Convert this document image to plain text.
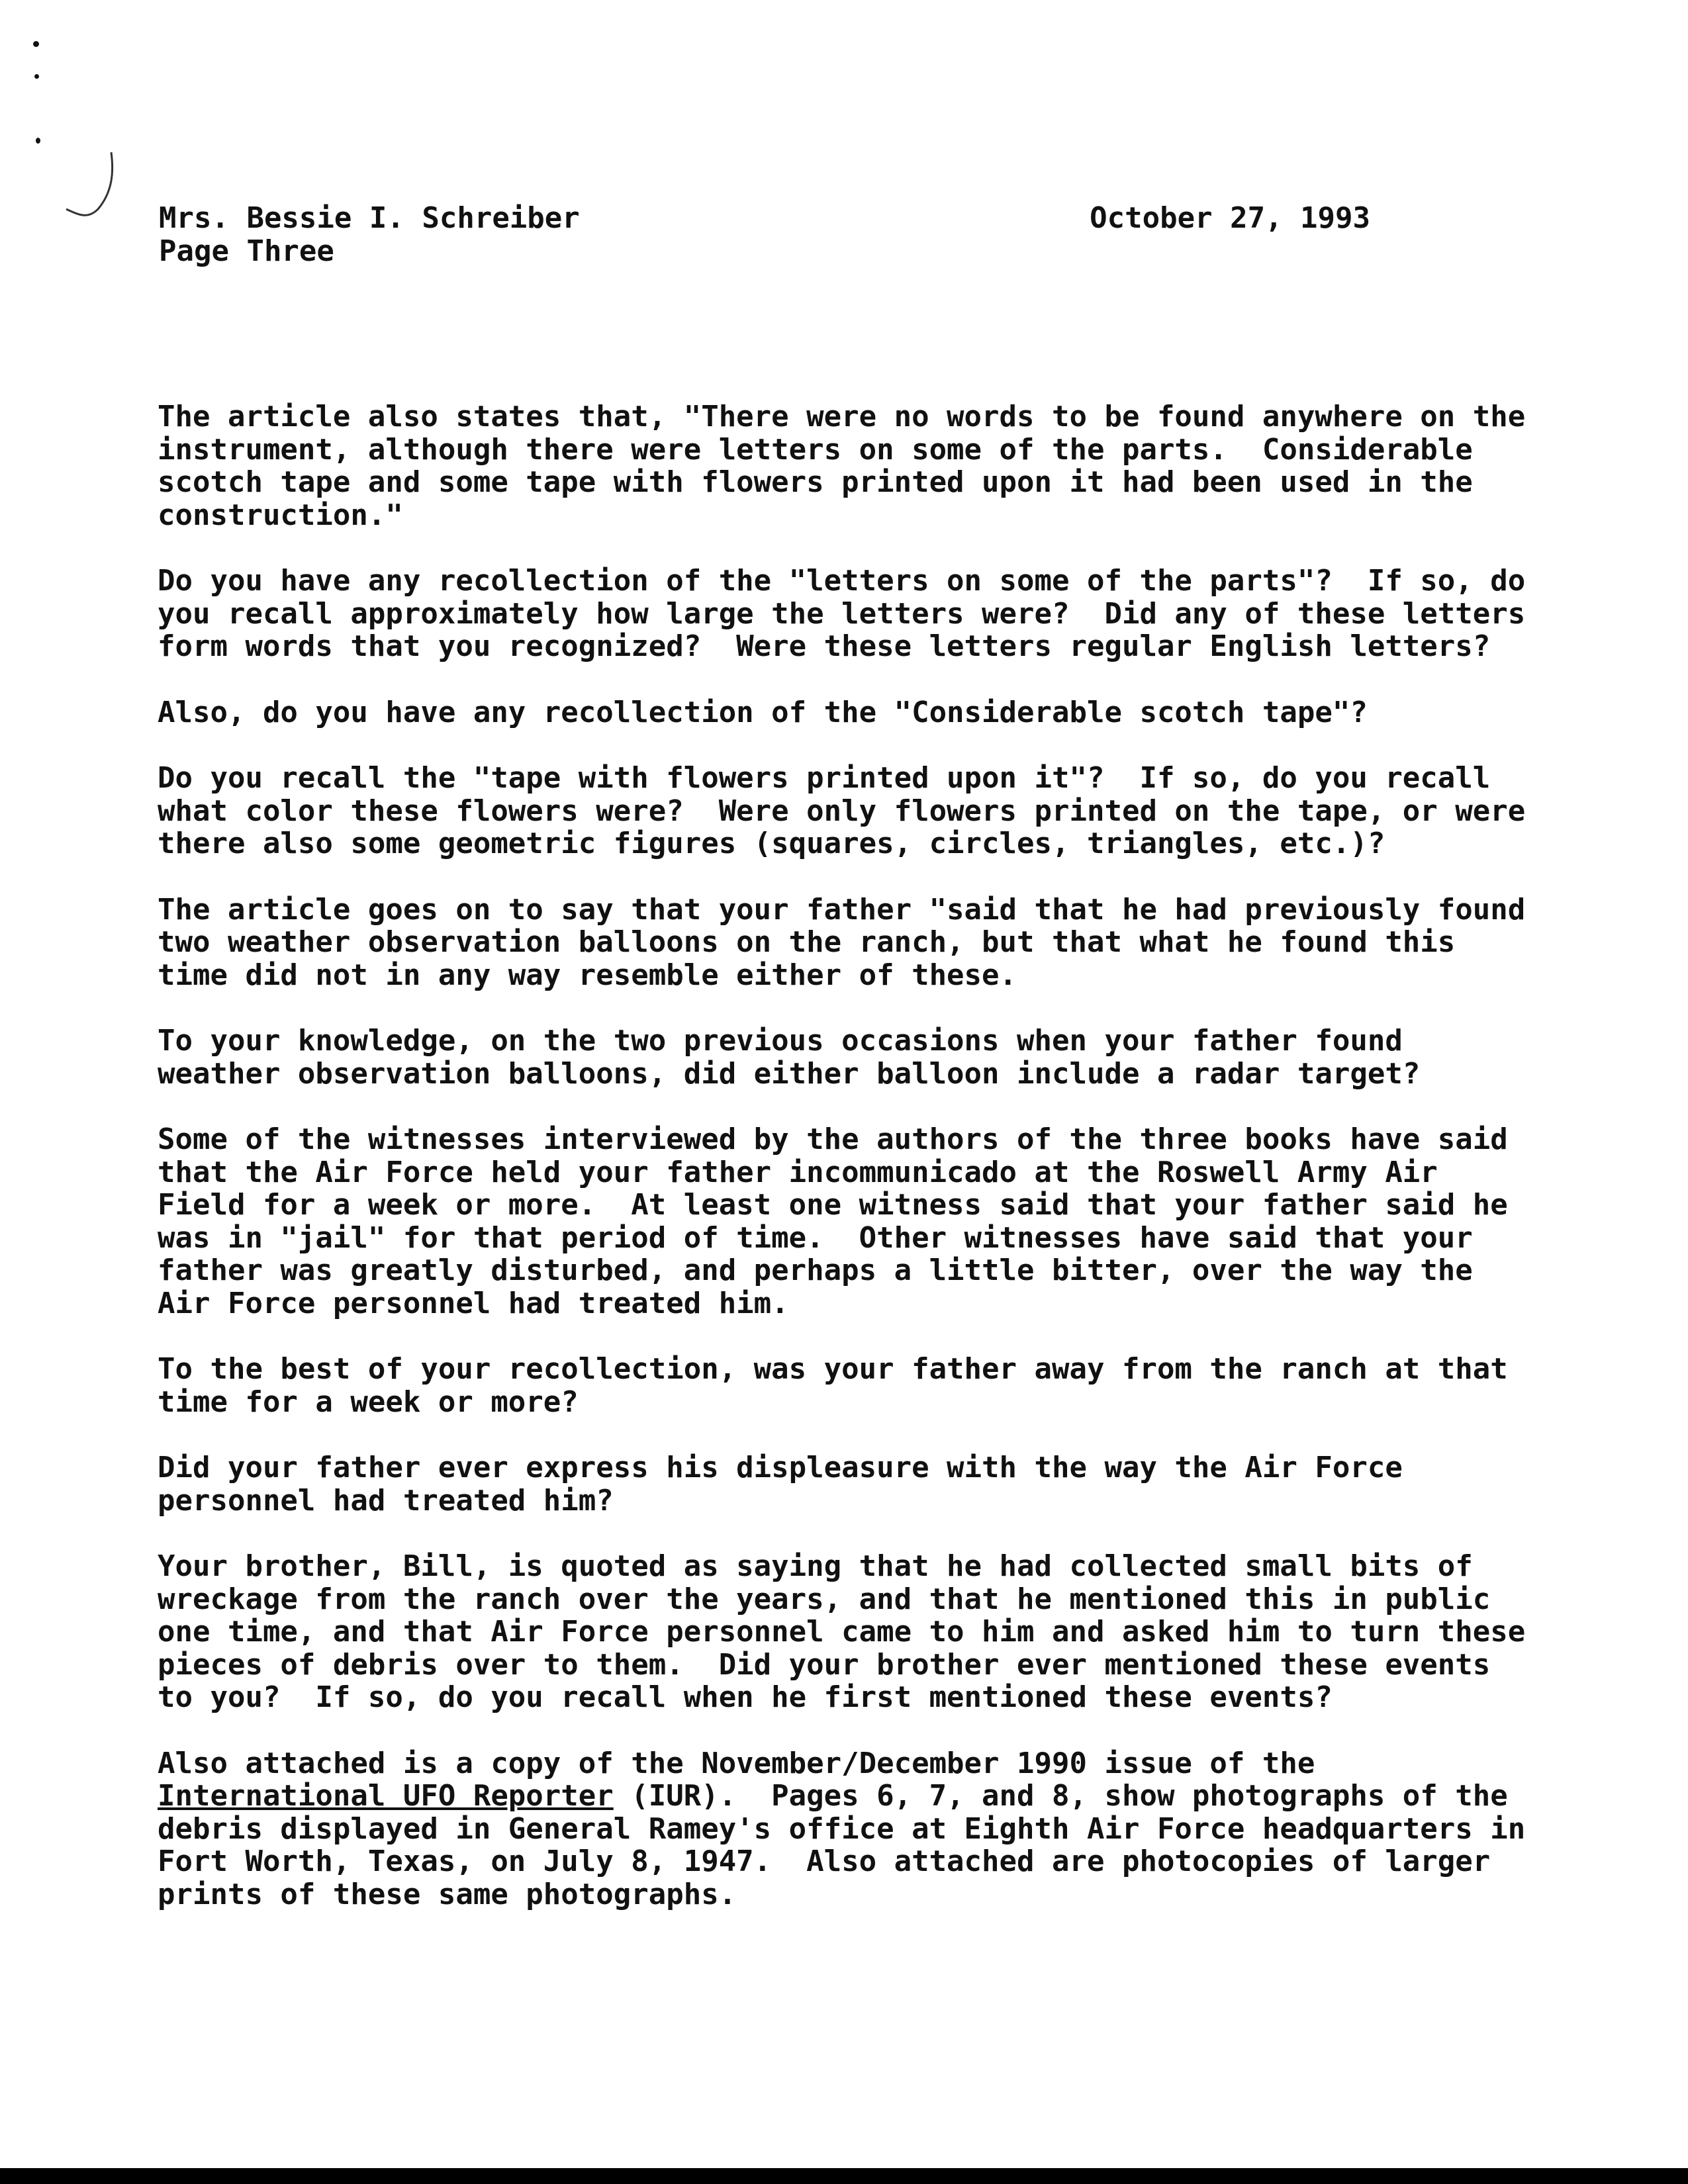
Mrs. Bessie I. Schreiber	October 27, 1993
Page Three
The article also states that, "There were no words to be found anywhere on the
instrument, although there were letters on some of the parts.  Considerable
scotch tape and some tape with flowers printed upon it had been used in the
construction."
Do you have any recollection of the "letters on some of the parts"?  If so, do
you recall approximately how large the letters were?  Did any of these letters
form words that you recognized?  Were these letters regular English letters?
Also, do you have any recollection of the "Considerable scotch tape"?
Do you recall the "tape with flowers printed upon it"?  If so, do you recall
what color these flowers were?  Were only flowers printed on the tape, or were
there also some geometric figures (squares, circles, triangles, etc.)?
The article goes on to say that your father "said that he had previously found
two weather observation balloons on the ranch, but that what he found this
time did not in any way resemble either of these.
To your knowledge, on the two previous occasions when your father found
weather observation balloons, did either balloon include a radar target?
Some of the witnesses interviewed by the authors of the three books have said
that the Air Force held your father incommunicado at the Roswell Army Air
Field for a week or more.  At least one witness said that your father said he
was in "jail" for that period of time.  Other witnesses have said that your
father was greatly disturbed, and perhaps a little bitter, over the way the
Air Force personnel had treated him.
To the best of your recollection, was your father away from the ranch at that
time for a week or more?
Did your father ever express his displeasure with the way the Air Force
personnel had treated him?
Your brother, Bill, is quoted as saying that he had collected small bits of
wreckage from the ranch over the years, and that he mentioned this in public
one time, and that Air Force personnel came to him and asked him to turn these
pieces of debris over to them.  Did your brother ever mentioned these events
to you?  If so, do you recall when he first mentioned these events?
Also attached is a copy of the November/December 1990 issue of the
International UFO Reporter (IUR).  Pages 6, 7, and 8, show photographs of the
debris displayed in General Ramey's office at Eighth Air Force headquarters in
Fort Worth, Texas, on July 8, 1947.  Also attached are photocopies of larger
prints of these same photographs.
